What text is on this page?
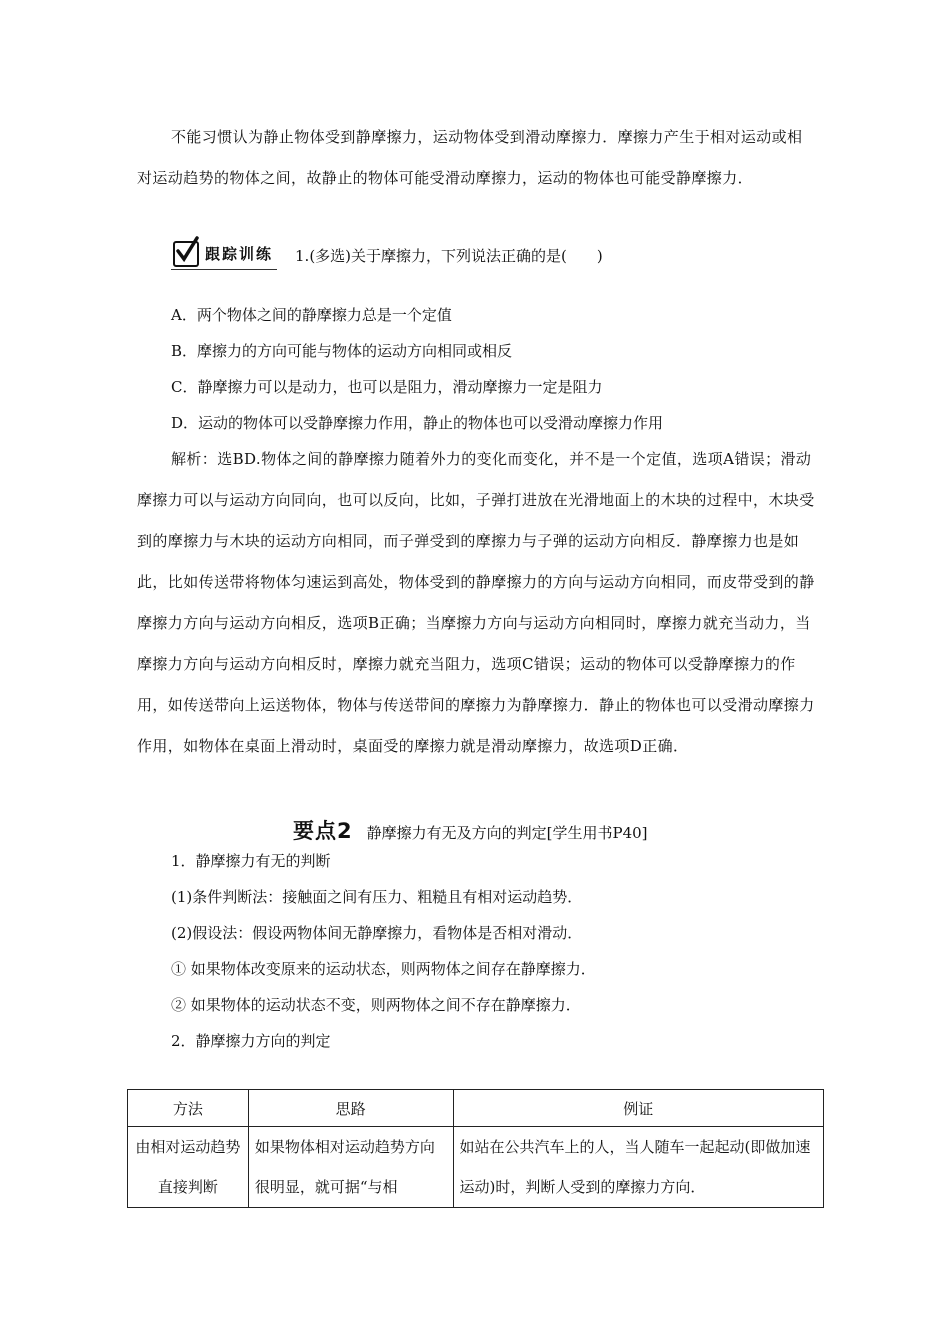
不能习惯认为静止物体受到静摩擦力，运动物体受到滑动摩擦力．摩擦力产生于相对运动或相对运动趋势的物体之间，故静止的物体可能受滑动摩擦力，运动的物体也可能受静摩擦力．

跟踪训练 1.(多选)关于摩擦力，下列说法正确的是(　　)
A．两个物体之间的静摩擦力总是一个定值
B．摩擦力的方向可能与物体的运动方向相同或相反
C．静摩擦力可以是动力，也可以是阻力，滑动摩擦力一定是阻力
D．运动的物体可以受静摩擦力作用，静止的物体也可以受滑动摩擦力作用

解析：选BD.物体之间的静摩擦力随着外力的变化而变化，并不是一个定值，选项A错误；滑动摩擦力可以与运动方向同向，也可以反向，比如，子弹打进放在光滑地面上的木块的过程中，木块受到的摩擦力与木块的运动方向相同，而子弹受到的摩擦力与子弹的运动方向相反．静摩擦力也是如此，比如传送带将物体匀速运到高处，物体受到的静摩擦力的方向与运动方向相同，而皮带受到的静摩擦力方向与运动方向相反，选项B正确；当摩擦力方向与运动方向相同时，摩擦力就充当动力，当摩擦力方向与运动方向相反时，摩擦力就充当阻力，选项C错误；运动的物体可以受静摩擦力的作用，如传送带向上运送物体，物体与传送带间的摩擦力为静摩擦力．静止的物体也可以受滑动摩擦力作用，如物体在桌面上滑动时，桌面受的摩擦力就是滑动摩擦力，故选项D正确．

要点2 静摩擦力有无及方向的判定[学生用书P40]
1．静摩擦力有无的判断
(1)条件判断法：接触面之间有压力、粗糙且有相对运动趋势．
(2)假设法：假设两物体间无静摩擦力，看物体是否相对滑动．
① 如果物体改变原来的运动状态，则两物体之间存在静摩擦力．
② 如果物体的运动状态不变，则两物体之间不存在静摩擦力．
2．静摩擦力方向的判定
方法	思路	例证
由相对运动趋势直接判断	如果物体相对运动趋势方向很明显，就可据“与相	如站在公共汽车上的人，当人随车一起起动(即做加速运动)时，判断人受到的摩擦力方向．
